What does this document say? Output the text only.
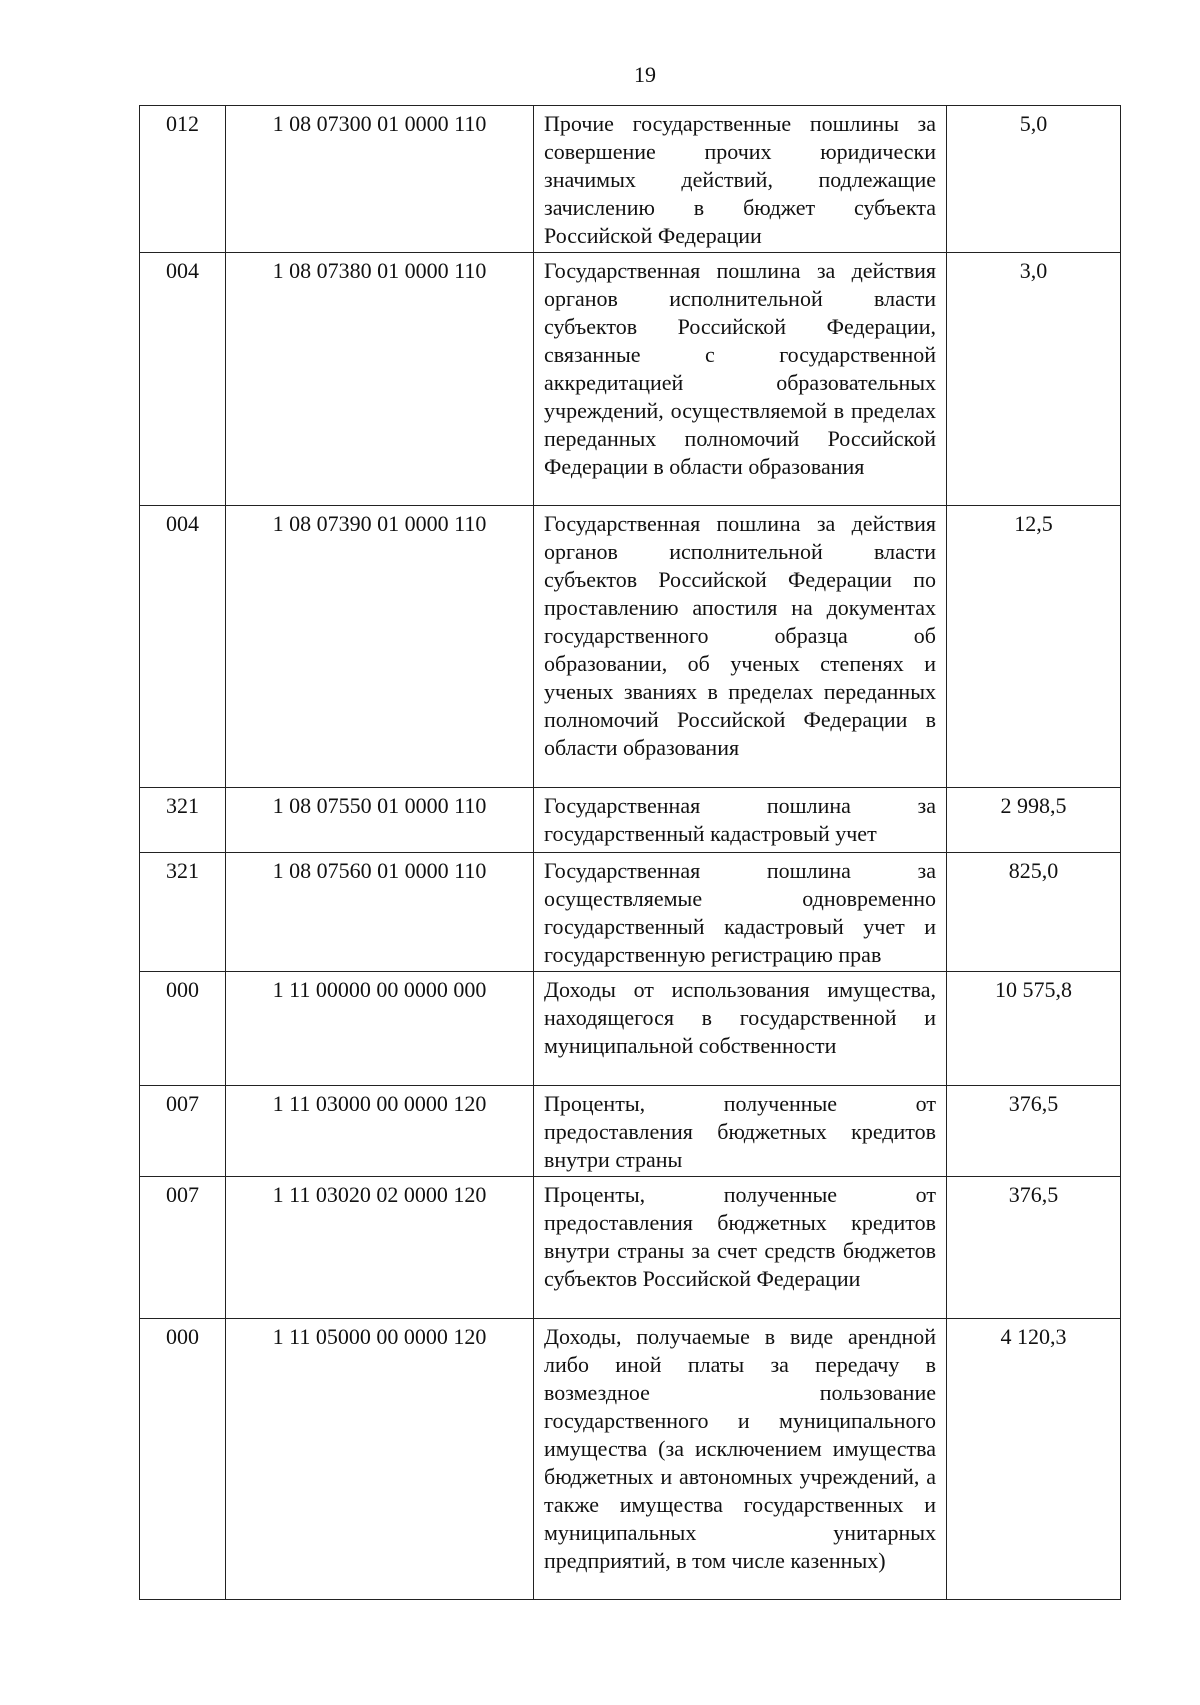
19
012	1 08 07300 01 0000 110	Прочие государственные пошлины за совершение прочих юридически значимых действий, подлежащие зачислению в бюджет субъекта Российской Федерации	5,0
004	1 08 07380 01 0000 110	Государственная пошлина за действия органов исполнительной власти субъектов Российской Федерации, связанные с государственной аккредитацией образовательных учреждений, осуществляемой в пределах переданных полномочий Российской Федерации в области образования	3,0
004	1 08 07390 01 0000 110	Государственная пошлина за действия органов исполнительной власти субъектов Российской Федерации по проставлению апостиля на документах государственного образца об образовании, об ученых степенях и ученых званиях в пределах переданных полномочий Российской Федерации в области образования	12,5
321	1 08 07550 01 0000 110	Государственная пошлина за государственный кадастровый учет	2 998,5
321	1 08 07560 01 0000 110	Государственная пошлина за осуществляемые одновременно государственный кадастровый учет и государственную регистрацию прав	825,0
000	1 11 00000 00 0000 000	Доходы от использования имущества, находящегося в государственной и муниципальной собственности	10 575,8
007	1 11 03000 00 0000 120	Проценты, полученные от предоставления бюджетных кредитов внутри страны	376,5
007	1 11 03020 02 0000 120	Проценты, полученные от предоставления бюджетных кредитов внутри страны за счет средств бюджетов субъектов Российской Федерации	376,5
000	1 11 05000 00 0000 120	Доходы, получаемые в виде арендной либо иной платы за передачу в возмездное пользование государственного и муниципального имущества (за исключением имущества бюджетных и автономных учреждений, а также имущества государственных и муниципальных унитарных предприятий, в том числе казенных)	4 120,3
